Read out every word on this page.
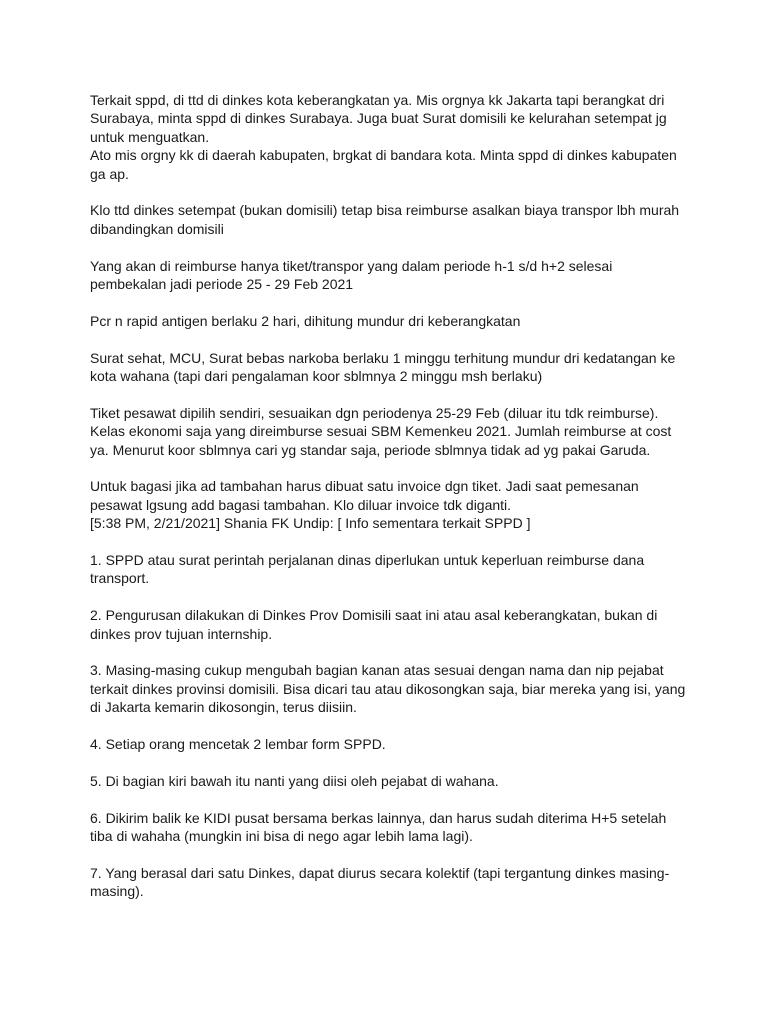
Terkait sppd, di ttd di dinkes kota keberangkatan ya. Mis orgnya kk Jakarta tapi berangkat dri
Surabaya, minta sppd di dinkes Surabaya. Juga buat Surat domisili ke kelurahan setempat jg
untuk menguatkan.
Ato mis orgny kk di daerah kabupaten, brgkat di bandara kota. Minta sppd di dinkes kabupaten
ga ap.

Klo ttd dinkes setempat (bukan domisili) tetap bisa reimburse asalkan biaya transpor lbh murah
dibandingkan domisili

Yang akan di reimburse hanya tiket/transpor yang dalam periode h-1 s/d h+2 selesai
pembekalan jadi periode 25 - 29 Feb 2021

Pcr n rapid antigen berlaku 2 hari, dihitung mundur dri keberangkatan

Surat sehat, MCU, Surat bebas narkoba berlaku 1 minggu terhitung mundur dri kedatangan ke
kota wahana (tapi dari pengalaman koor sblmnya 2 minggu msh berlaku)

Tiket pesawat dipilih sendiri, sesuaikan dgn periodenya 25-29 Feb (diluar itu tdk reimburse).
Kelas ekonomi saja yang direimburse sesuai SBM Kemenkeu 2021. Jumlah reimburse at cost
ya. Menurut koor sblmnya cari yg standar saja, periode sblmnya tidak ad yg pakai Garuda.

Untuk bagasi jika ad tambahan harus dibuat satu invoice dgn tiket. Jadi saat pemesanan
pesawat lgsung add bagasi tambahan. Klo diluar invoice tdk diganti.
[5:38 PM, 2/21/2021] Shania FK Undip: [ Info sementara terkait SPPD ]

1. SPPD atau surat perintah perjalanan dinas diperlukan untuk keperluan reimburse dana
transport.

2. Pengurusan dilakukan di Dinkes Prov Domisili saat ini atau asal keberangkatan, bukan di
dinkes prov tujuan internship.

3. Masing-masing cukup mengubah bagian kanan atas sesuai dengan nama dan nip pejabat
terkait dinkes provinsi domisili. Bisa dicari tau atau dikosongkan saja, biar mereka yang isi, yang
di Jakarta kemarin dikosongin, terus diisiin.

4. Setiap orang mencetak 2 lembar form SPPD.

5. Di bagian kiri bawah itu nanti yang diisi oleh pejabat di wahana.

6. Dikirim balik ke KIDI pusat bersama berkas lainnya, dan harus sudah diterima H+5 setelah
tiba di wahaha (mungkin ini bisa di nego agar lebih lama lagi).

7. Yang berasal dari satu Dinkes, dapat diurus secara kolektif (tapi tergantung dinkes masing-
masing).
